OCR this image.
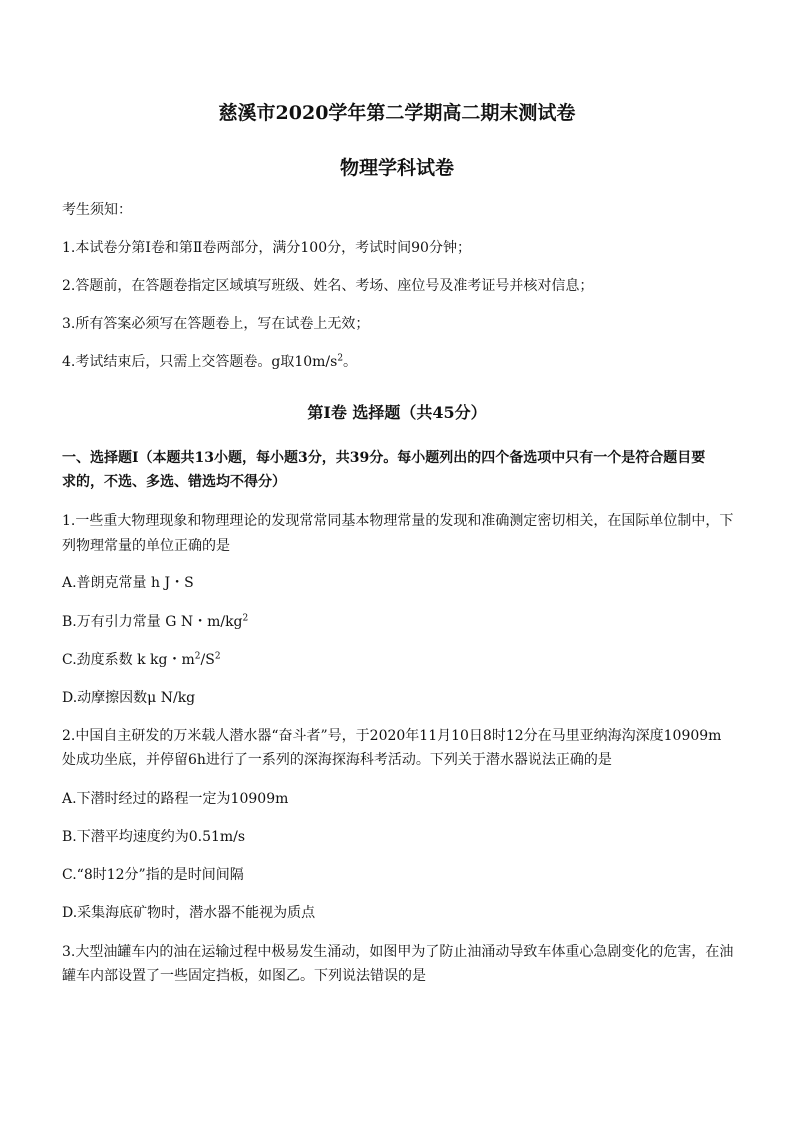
慈溪市2020学年第二学期高二期末测试卷
物理学科试卷
考生须知：
1.本试卷分第Ⅰ卷和第Ⅱ卷两部分，满分100分，考试时间90分钟；
2.答题前，在答题卷指定区域填写班级、姓名、考场、座位号及准考证号并核对信息；
3.所有答案必须写在答题卷上，写在试卷上无效；
4.考试结束后，只需上交答题卷。g取$10m/s^2$。
第Ⅰ卷 选择题（共45分）
一、选择题Ⅰ（本题共13小题，每小题3分，共39分。每小题列出的四个备选项中只有一个是符合题目要
求的，不选、多选、错选均不得分）
1.一些重大物理现象和物理理论的发现常常同基本物理常量的发现和准确测定密切相关，在国际单位制中，下
列物理常量的单位正确的是
A.普朗克常量 h J・S
B.万有引力常量 G N・$m/kg^2$
C.劲度系数 k kg・$m^2/S^2$
D.动摩擦因数μ N/kg
2.中国自主研发的万米载人潜水器“奋斗者”号，于2020年11月10日8时12分在马里亚纳海沟深度10909m
处成功坐底，并停留6h进行了一系列的深海探海科考活动。下列关于潜水器说法正确的是
A.下潜时经过的路程一定为10909m
B.下潜平均速度约为0.51m/s
C.“8时12分”指的是时间间隔
D.采集海底矿物时，潜水器不能视为质点
3.大型油罐车内的油在运输过程中极易发生涌动，如图甲为了防止油涌动导致车体重心急剧变化的危害，在油
罐车内部设置了一些固定挡板，如图乙。下列说法错误的是
